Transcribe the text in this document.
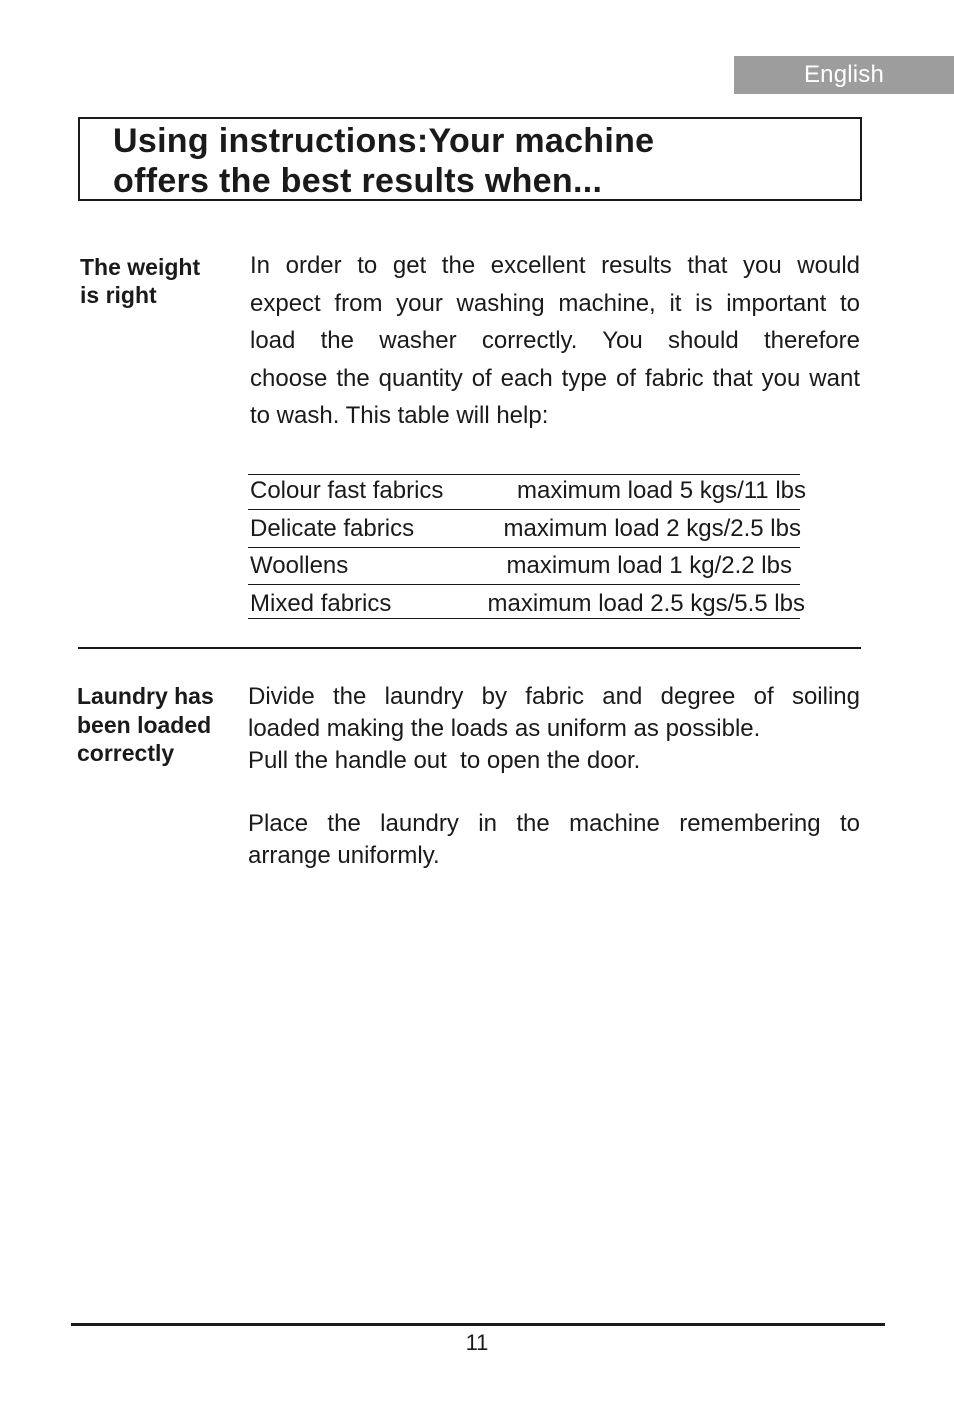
English
Using instructions:Your machine
offers the best results when...
The weight
is right
In order to get the excellent results that you would
expect from your washing machine, it is important to
load the washer correctly. You should therefore
choose the quantity of each type of fabric that you want
to wash. This table will help:
Colour fast fabrics	maximum load 5 kgs/11 lbs
Delicate fabrics	maximum load 2 kgs/2.5 lbs
Woollens	maximum load 1 kg/2.2 lbs
Mixed fabrics	maximum load 2.5 kgs/5.5 lbs
Laundry has
been loaded
correctly
Divide the laundry by fabric and degree of soiling
loaded making the loads as uniform as possible.
Pull the handle out  to open the door.
Place the laundry in the machine remembering to
arrange uniformly.
11
